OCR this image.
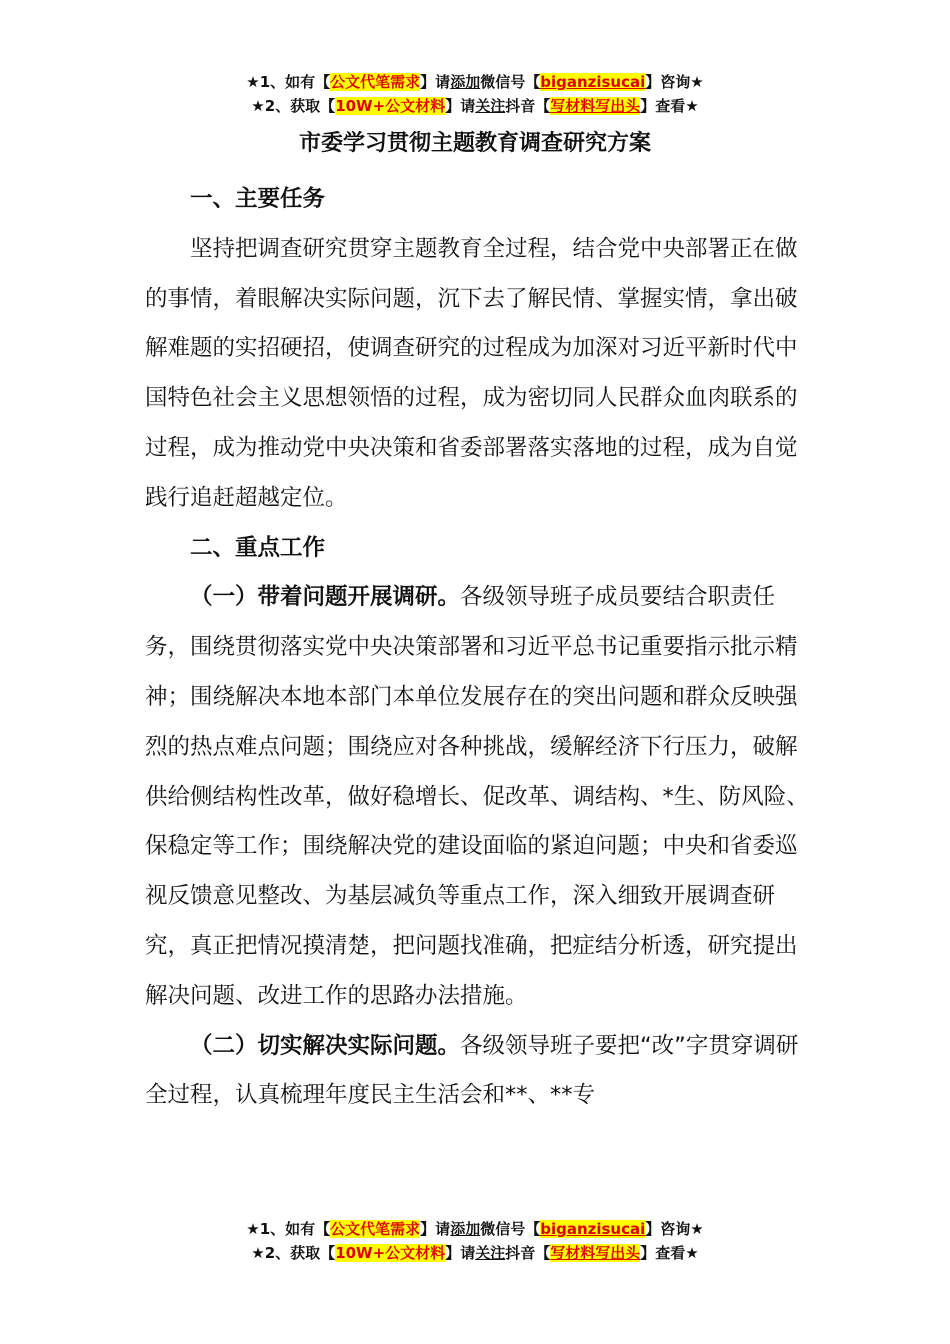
★1、如有【公文代笔需求】请添加微信号【biganzisucai】咨询★
★2、获取【10W+公文材料】请关注抖音【写材料写出头】查看★
市委学习贯彻主题教育调查研究方案
一、主要任务

坚持把调查研究贯穿主题教育全过程，结合党中央部署正在做的事情，着眼解决实际问题，沉下去了解民情、掌握实情，拿出破解难题的实招硬招，使调查研究的过程成为加深对习近平新时代中国特色社会主义思想领悟的过程，成为密切同人民群众血肉联系的过程，成为推动党中央决策和省委部署落实落地的过程，成为自觉践行追赶超越定位。

二、重点工作

（一）带着问题开展调研。各级领导班子成员要结合职责任务，围绕贯彻落实党中央决策部署和习近平总书记重要指示批示精神；围绕解决本地本部门本单位发展存在的突出问题和群众反映强烈的热点难点问题；围绕应对各种挑战，缓解经济下行压力，破解供给侧结构性改革，做好稳增长、促改革、调结构、*生、防风险、保稳定等工作；围绕解决党的建设面临的紧迫问题；中央和省委巡视反馈意见整改、为基层减负等重点工作，深入细致开展调查研究，真正把情况摸清楚，把问题找准确，把症结分析透，研究提出解决问题、改进工作的思路办法措施。

（二）切实解决实际问题。各级领导班子要把“改”字贯穿调研全过程，认真梳理年度民主生活会和**、**专

★1、如有【公文代笔需求】请添加微信号【biganzisucai】咨询★
★2、获取【10W+公文材料】请关注抖音【写材料写出头】查看★
